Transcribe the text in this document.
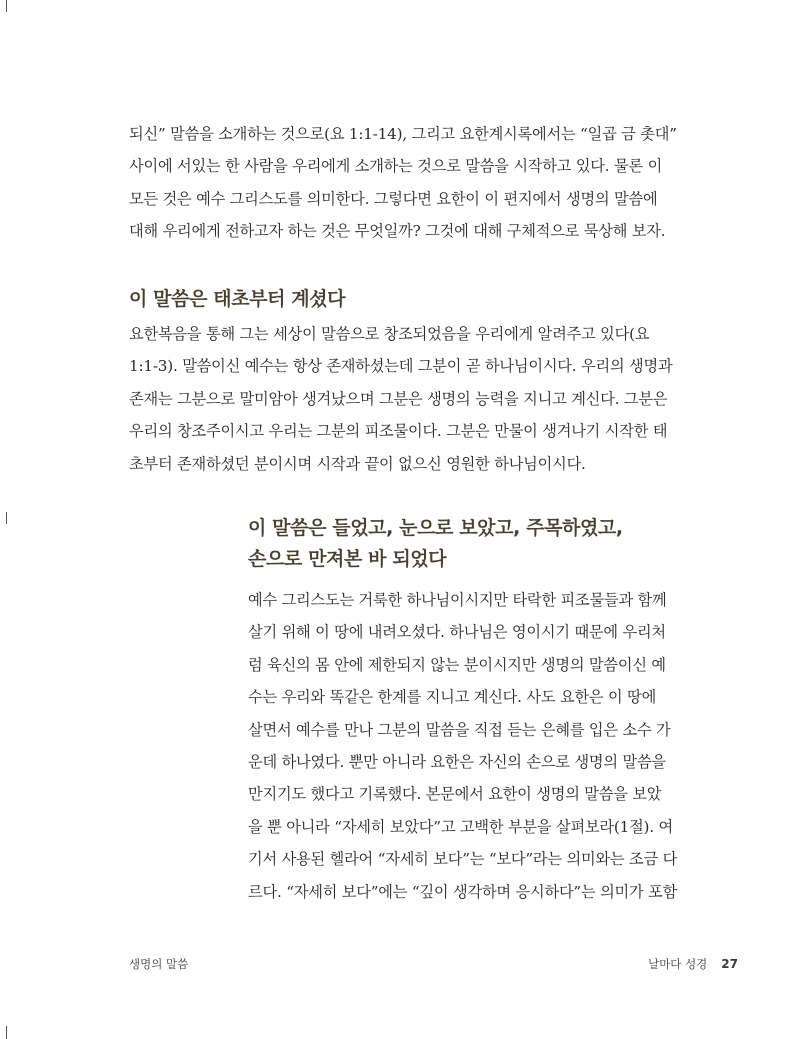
되신” 말씀을 소개하는 것으로(요 1:1-14), 그리고 요한계시록에서는 “일곱 금 촛대”
사이에 서있는 한 사람을 우리에게 소개하는 것으로 말씀을 시작하고 있다. 물론 이
모든 것은 예수 그리스도를 의미한다. 그렇다면 요한이 이 편지에서 생명의 말씀에
대해 우리에게 전하고자 하는 것은 무엇일까? 그것에 대해 구체적으로 묵상해 보자.

이 말씀은 태초부터 계셨다

요한복음을 통해 그는 세상이 말씀으로 창조되었음을 우리에게 알려주고 있다(요
1:1-3). 말씀이신 예수는 항상 존재하셨는데 그분이 곧 하나님이시다. 우리의 생명과
존재는 그분으로 말미암아 생겨났으며 그분은 생명의 능력을 지니고 계신다. 그분은
우리의 창조주이시고 우리는 그분의 피조물이다. 그분은 만물이 생겨나기 시작한 태
초부터 존재하셨던 분이시며 시작과 끝이 없으신 영원한 하나님이시다.

이 말씀은 들었고, 눈으로 보았고, 주목하였고,
손으로 만져본 바 되었다

예수 그리스도는 거룩한 하나님이시지만 타락한 피조물들과 함께
살기 위해 이 땅에 내려오셨다. 하나님은 영이시기 때문에 우리처
럼 육신의 몸 안에 제한되지 않는 분이시지만 생명의 말씀이신 예
수는 우리와 똑같은 한계를 지니고 계신다. 사도 요한은 이 땅에
살면서 예수를 만나 그분의 말씀을 직접 듣는 은혜를 입은 소수 가
운데 하나였다. 뿐만 아니라 요한은 자신의 손으로 생명의 말씀을
만지기도 했다고 기록했다. 본문에서 요한이 생명의 말씀을 보았
을 뿐 아니라 “자세히 보았다”고 고백한 부분을 살펴보라(1절). 여
기서 사용된 헬라어 “자세히 보다”는 “보다”라는 의미와는 조금 다
르다. “자세히 보다”에는 “깊이 생각하며 응시하다”는 의미가 포함

생명의 말씀	날마다 성경 27
